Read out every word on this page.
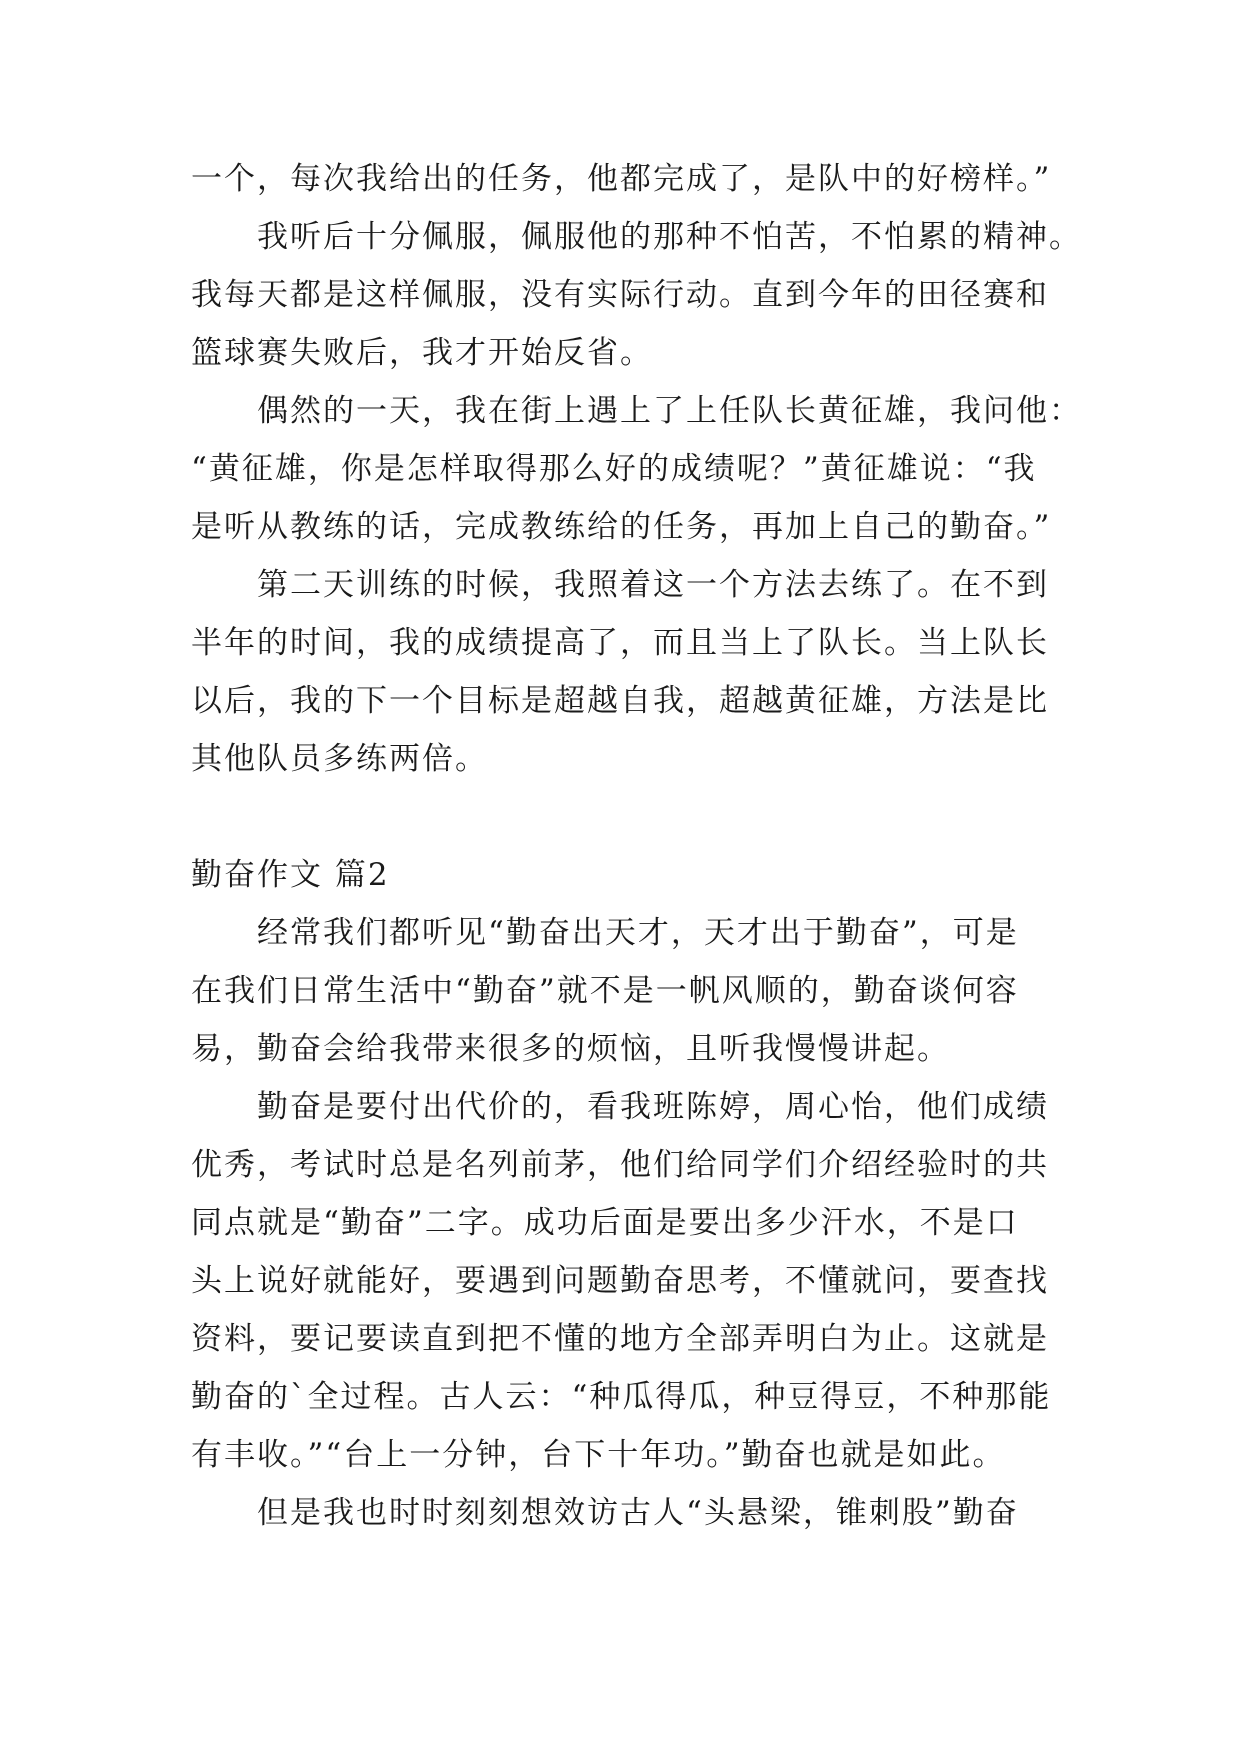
一个，每次我给出的任务，他都完成了，是队中的好榜样。”
我听后十分佩服，佩服他的那种不怕苦，不怕累的精神。
我每天都是这样佩服，没有实际行动。直到今年的田径赛和
篮球赛失败后，我才开始反省。
偶然的一天，我在街上遇上了上任队长黄征雄，我问他：
“黄征雄，你是怎样取得那么好的成绩呢？”黄征雄说：“我
是听从教练的话，完成教练给的任务，再加上自己的勤奋。”
第二天训练的时候，我照着这一个方法去练了。在不到
半年的时间，我的成绩提高了，而且当上了队长。当上队长
以后，我的下一个目标是超越自我，超越黄征雄，方法是比
其他队员多练两倍。
勤奋作文 篇2
经常我们都听见“勤奋出天才，天才出于勤奋”，可是
在我们日常生活中“勤奋”就不是一帆风顺的，勤奋谈何容
易，勤奋会给我带来很多的烦恼，且听我慢慢讲起。
勤奋是要付出代价的，看我班陈婷，周心怡，他们成绩
优秀，考试时总是名列前茅，他们给同学们介绍经验时的共
同点就是“勤奋”二字。成功后面是要出多少汗水，不是口
头上说好就能好，要遇到问题勤奋思考，不懂就问，要查找
资料，要记要读直到把不懂的地方全部弄明白为止。这就是
勤奋的`全过程。古人云：“种瓜得瓜，种豆得豆，不种那能
有丰收。”“台上一分钟，台下十年功。”勤奋也就是如此。
但是我也时时刻刻想效访古人“头悬梁，锥刺股”勤奋
